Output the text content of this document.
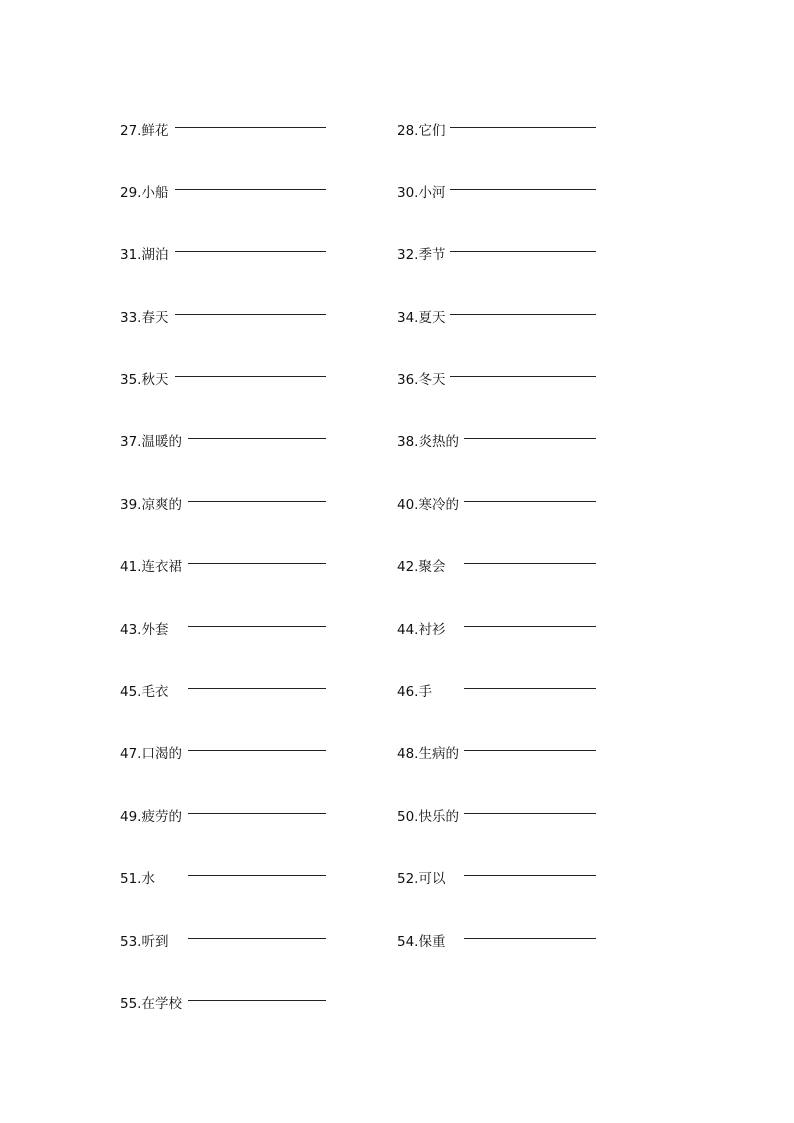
27.鲜花	28.它们
29.小船	30.小河
31.湖泊	32.季节
33.春天	34.夏天
35.秋天	36.冬天
37.温暖的	38.炎热的
39.凉爽的	40.寒冷的
41.连衣裙	42.聚会
43.外套	44.衬衫
45.毛衣	46.手
47.口渴的	48.生病的
49.疲劳的	50.快乐的
51.水	52.可以
53.听到	54.保重
55.在学校
